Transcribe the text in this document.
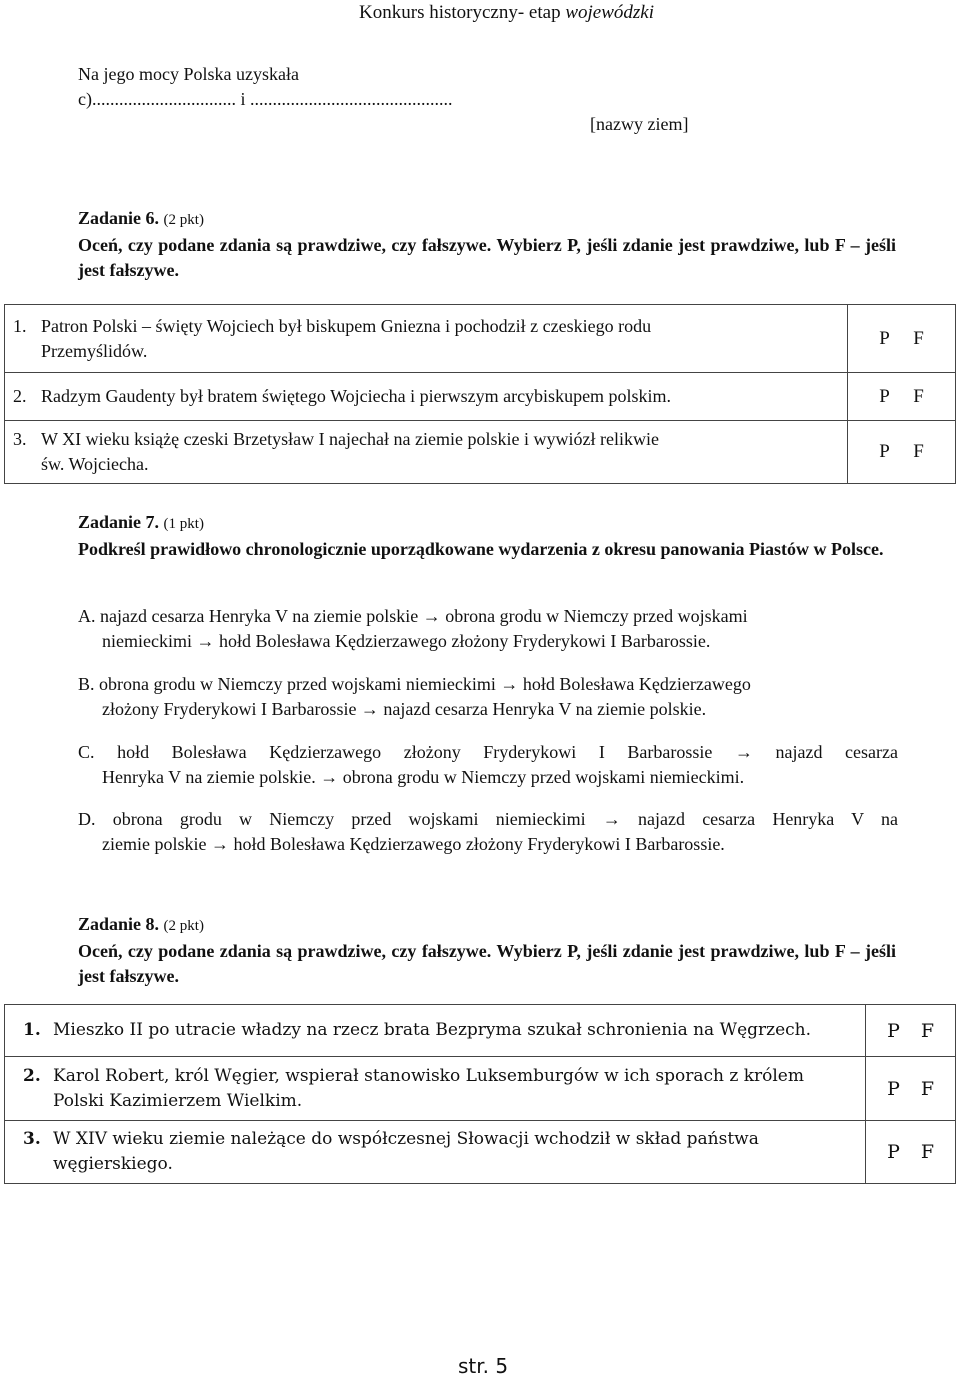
Konkurs historyczny- etap wojewódzki
Na jego mocy Polska uzyskała
c)................................ i .............................................
[nazwy ziem]
Zadanie 6. (2 pkt)
Oceń, czy podane zdania są prawdziwe, czy fałszywe. Wybierz P, jeśli zdanie jest prawdziwe, lub F – jeśli jest fałszywe.
1. Patron Polski – święty Wojciech był biskupem Gniezna i pochodził z czeskiego rodu
Przemyślidów.	P F
2. Radzym Gaudenty był bratem świętego Wojciecha i pierwszym arcybiskupem polskim.	P F
3. W XI wieku książę czeski Brzetysław I najechał na ziemie polskie i wywiózł relikwie
św. Wojciecha.	P F
Zadanie 7. (1 pkt)
Podkreśl prawidłowo chronologicznie uporządkowane wydarzenia z okresu panowania Piastów w Polsce.
A. najazd cesarza Henryka V na ziemie polskie → obrona grodu w Niemczy przed wojskami
niemieckimi → hołd Bolesława Kędzierzawego złożony Fryderykowi I Barbarossie.
B. obrona grodu w Niemczy przed wojskami niemieckimi → hołd Bolesława Kędzierzawego
złożony Fryderykowi I Barbarossie → najazd cesarza Henryka V na ziemie polskie.
C. hołd Bolesława Kędzierzawego złożony Fryderykowi I Barbarossie → najazd cesarza
Henryka V na ziemie polskie. → obrona grodu w Niemczy przed wojskami niemieckimi.
D. obrona grodu w Niemczy przed wojskami niemieckimi → najazd cesarza Henryka V na
ziemie polskie → hołd Bolesława Kędzierzawego złożony Fryderykowi I Barbarossie.
Zadanie 8. (2 pkt)
Oceń, czy podane zdania są prawdziwe, czy fałszywe. Wybierz P, jeśli zdanie jest prawdziwe, lub F – jeśli jest fałszywe.
1. Mieszko II po utracie władzy na rzecz brata Bezpryma szukał schronienia na Węgrzech.	P F
2. Karol Robert, król Węgier, wspierał stanowisko Luksemburgów w ich sporach z królem
Polski Kazimierzem Wielkim.	P F
3. W XIV wieku ziemie należące do współczesnej Słowacji wchodził w skład państwa
węgierskiego.	P F
str. 5
